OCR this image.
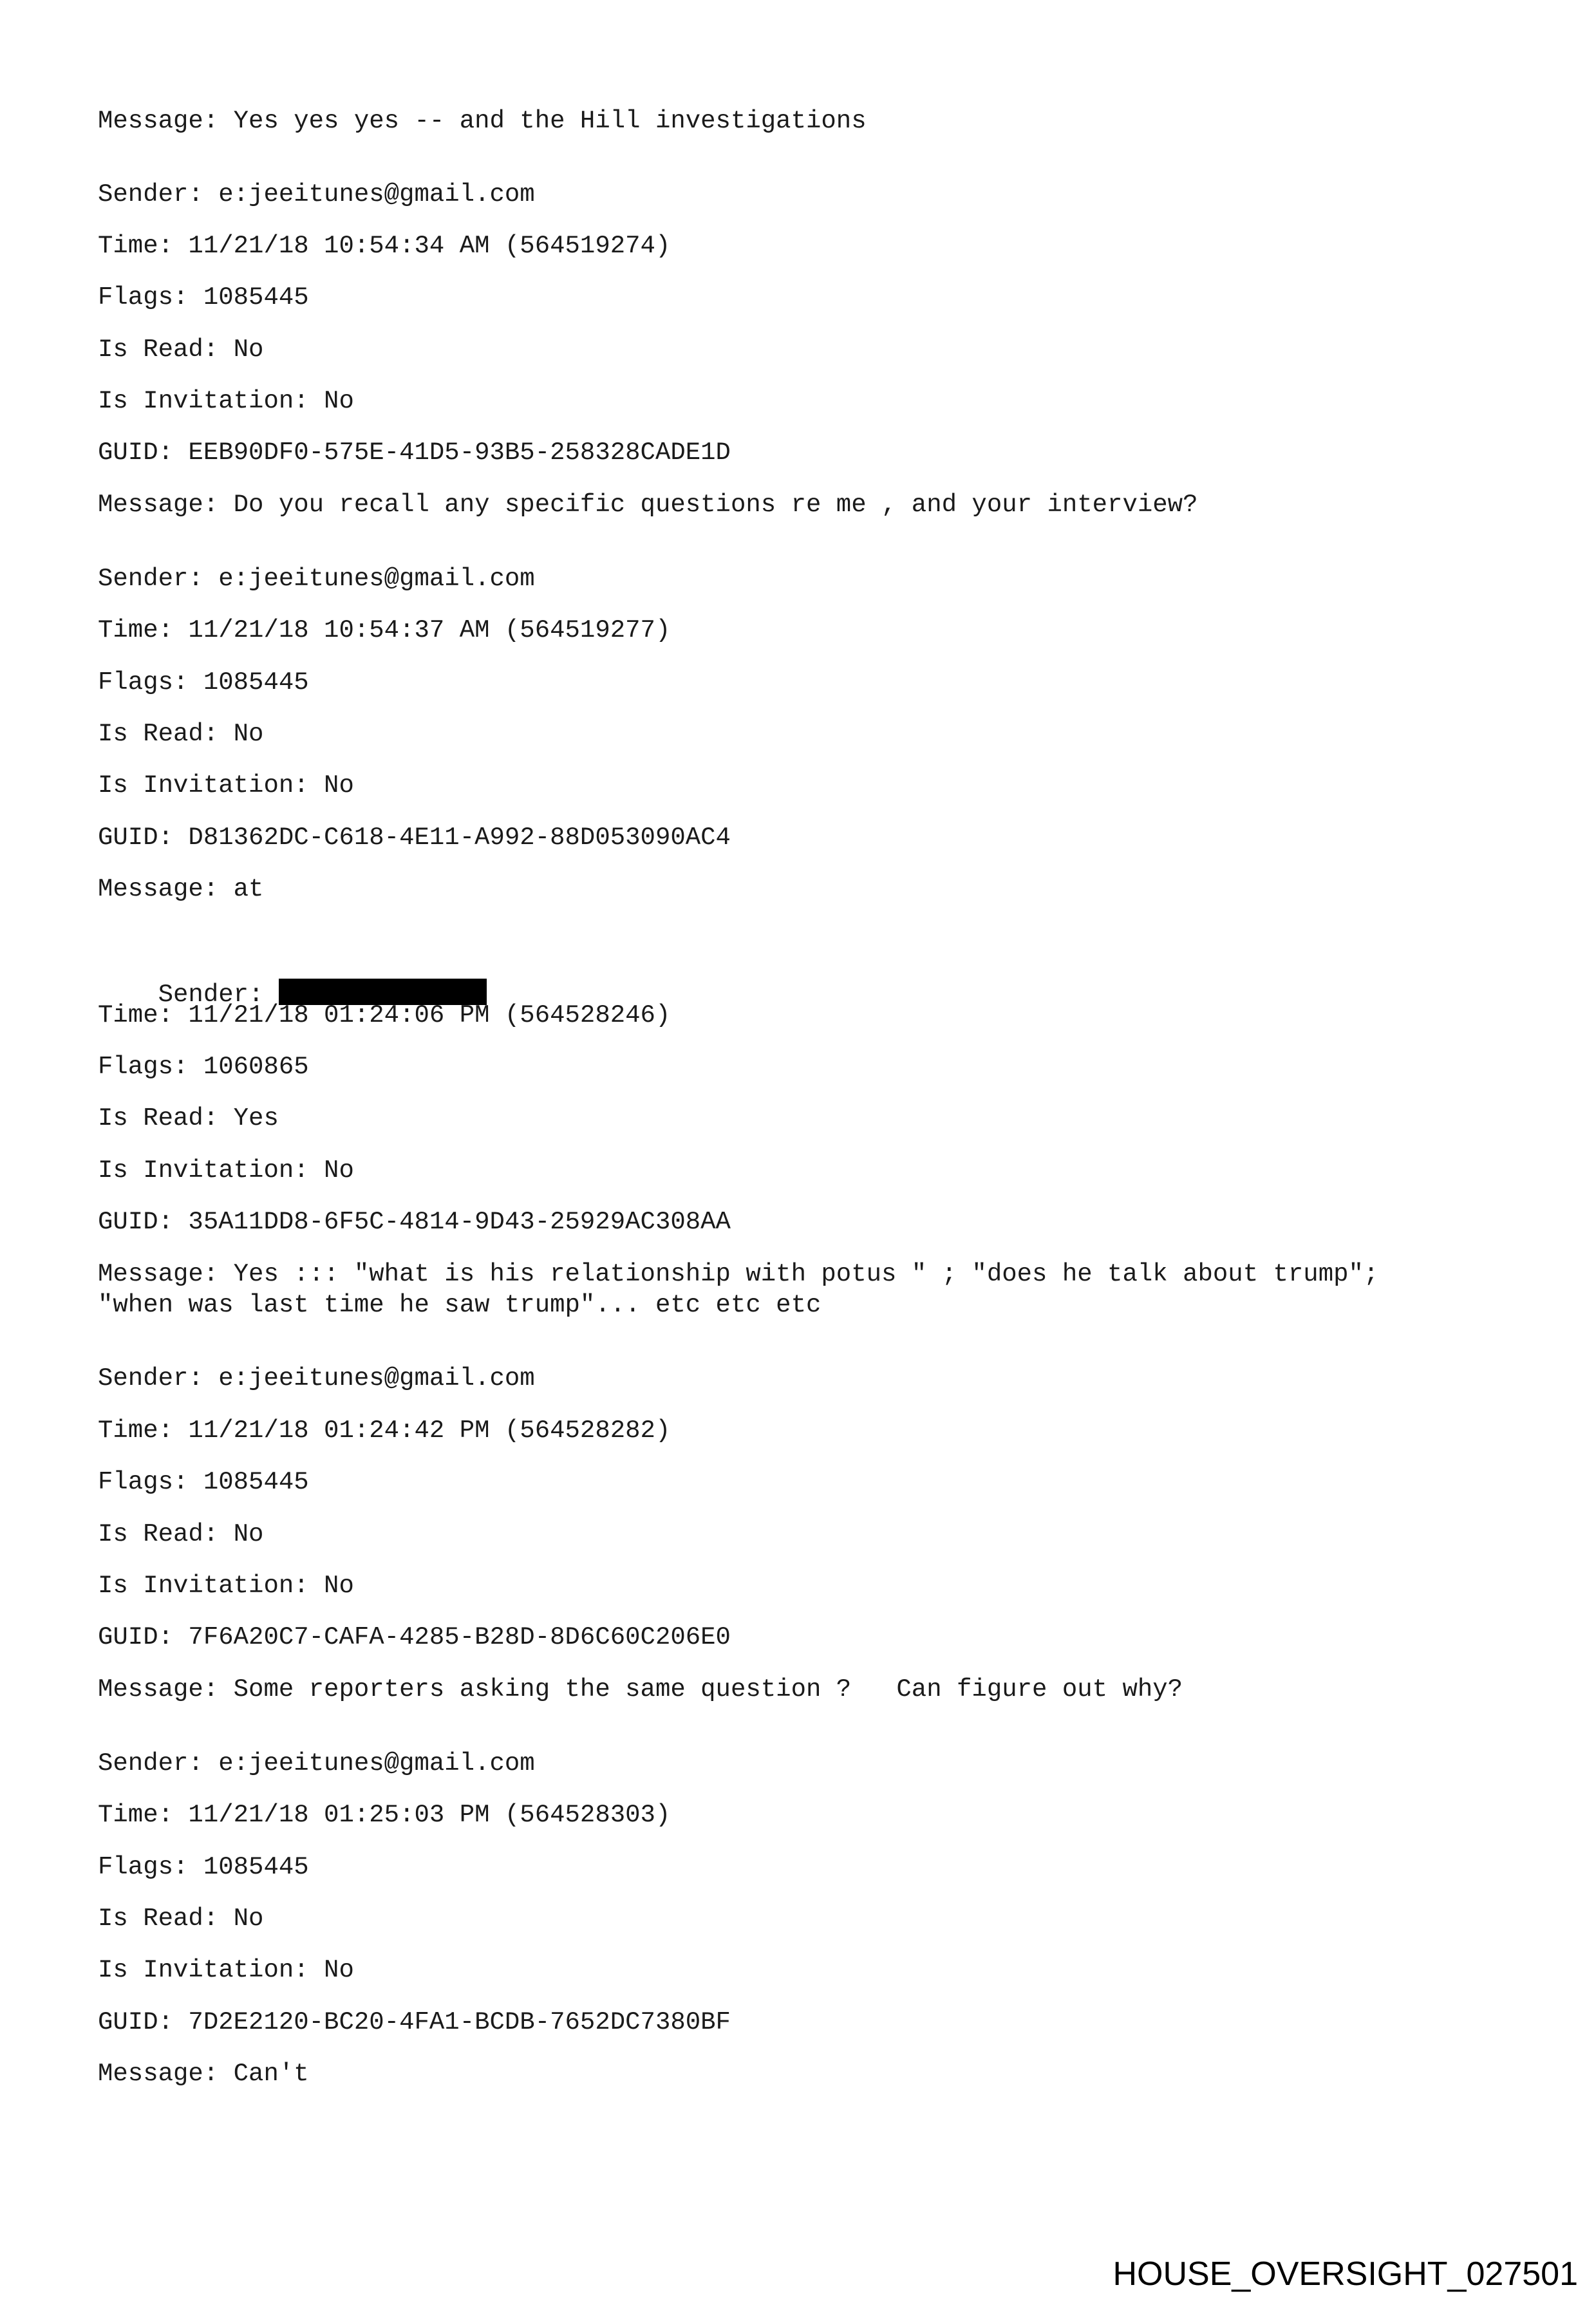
Message: Yes yes yes -- and the Hill investigations

Sender: e:jeeitunes@gmail.com

Time: 11/21/18 10:54:34 AM (564519274)

Flags: 1085445

Is Read: No

Is Invitation: No

GUID: EEB90DF0-575E-41D5-93B5-258328CADE1D

Message: Do you recall any specific questions re me , and your interview?

Sender: e:jeeitunes@gmail.com

Time: 11/21/18 10:54:37 AM (564519277)

Flags: 1085445

Is Read: No

Is Invitation: No

GUID: D81362DC-C618-4E11-A992-88D053090AC4

Message: at

Sender:

Time: 11/21/18 01:24:06 PM (564528246)

Flags: 1060865

Is Read: Yes

Is Invitation: No

GUID: 35A11DD8-6F5C-4814-9D43-25929AC308AA

Message: Yes ::: "what is his relationship with potus " ; "does he talk about trump";
"when was last time he saw trump"... etc etc etc

Sender: e:jeeitunes@gmail.com

Time: 11/21/18 01:24:42 PM (564528282)

Flags: 1085445

Is Read: No

Is Invitation: No

GUID: 7F6A20C7-CAFA-4285-B28D-8D6C60C206E0

Message: Some reporters asking the same question ?   Can figure out why?

Sender: e:jeeitunes@gmail.com

Time: 11/21/18 01:25:03 PM (564528303)

Flags: 1085445

Is Read: No

Is Invitation: No

GUID: 7D2E2120-BC20-4FA1-BCDB-7652DC7380BF

Message: Can't

HOUSE_OVERSIGHT_027501
